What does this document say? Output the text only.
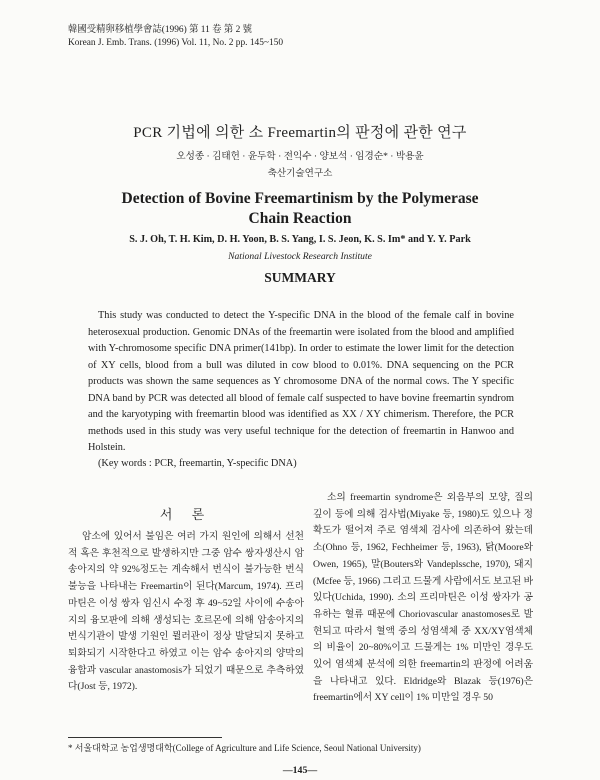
韓國受精卵移植學會誌(1996) 第 11 卷 第 2 號
Korean J. Emb. Trans. (1996) Vol. 11, No. 2 pp. 145~150
PCR 기법에 의한 소 Freemartin의 판정에 관한 연구
오성종 · 김태헌 · 윤두학 · 전익수 · 양보석 · 임경순* · 박용윤
축산기술연구소
Detection of Bovine Freemartinism by the Polymerase
Chain Reaction
S. J. Oh, T. H. Kim, D. H. Yoon, B. S. Yang, I. S. Jeon, K. S. Im* and Y. Y. Park
National Livestock Research Institute
SUMMARY

This study was conducted to detect the Y-specific DNA in the blood of the female calf in bovine heterosexual production. Genomic DNAs of the freemartin were isolated from the blood and amplified with Y-chromosome specific DNA primer(141bp). In order to estimate the lower limit for the detection of XY cells, blood from a bull was diluted in cow blood to 0.01%. DNA sequencing on the PCR products was shown the same sequences as Y chromosome DNA of the normal cows. The Y specific DNA band by PCR was detected all blood of female calf suspected to have bovine freemartin syndrom and the karyotyping with freemartin blood was identified as XX / XY chimerism. Therefore, the PCR methods used in this study was very useful technique for the detection of freemartin in Hanwoo and Holstein.

(Key words : PCR, freemartin, Y-specific DNA)
서 론

암소에 있어서 불임은 여러 가지 원인에 의해서 선천적 혹은 후천적으로 발생하지만 그중 암수 쌍자생산시 암송아지의 약 92%정도는 계속해서 번식이 불가능한 번식 불능을 나타내는 Freemartin이 된다(Marcum, 1974). 프리마틴은 이성 쌍자 임신시 수정 후 49~52일 사이에 수송아지의 융모판에 의해 생성되는 호르몬에 의해 암송아지의 번식기관이 발생 기원인 뮐러관이 정상 발달되지 못하고 퇴화되기 시작한다고 하였고 이는 암수 송아지의 양막의 융합과 vascular anastomosis가 되었기 때문으로 추측하였다(Jost 등, 1972).

소의 freemartin syndrome은 외음부의 모양, 질의 깊이 등에 의해 검사법(Miyake 등, 1980)도 있으나 정확도가 떨어져 주로 염색체 검사에 의존하여 왔는데 소(Ohno 등, 1962, Fechheimer 등, 1963), 닭(Moore와 Owen, 1965), 말(Bouters와 Vandeplssche, 1970), 돼지(Mcfee 등, 1966) 그리고 드물게 사람에서도 보고된 바 있다(Uchida, 1990). 소의 프리마틴은 이성 쌍자가 공유하는 혈류 때문에 Choriovascular anastomoses로 발현되고 따라서 혈액 중의 성염색체 중 XX/XY염색체의 비율이 20~80%이고 드물게는 1% 미만인 경우도 있어 염색체 분석에 의한 freemartin의 판정에 어려움을 나타내고 있다. Eldridge와 Blazak 등(1976)은 freemartin에서 XY cell이 1% 미만일 경우 50

* 서울대학교 농업생명대학(College of Agriculture and Life Science, Seoul National University)
—145—
